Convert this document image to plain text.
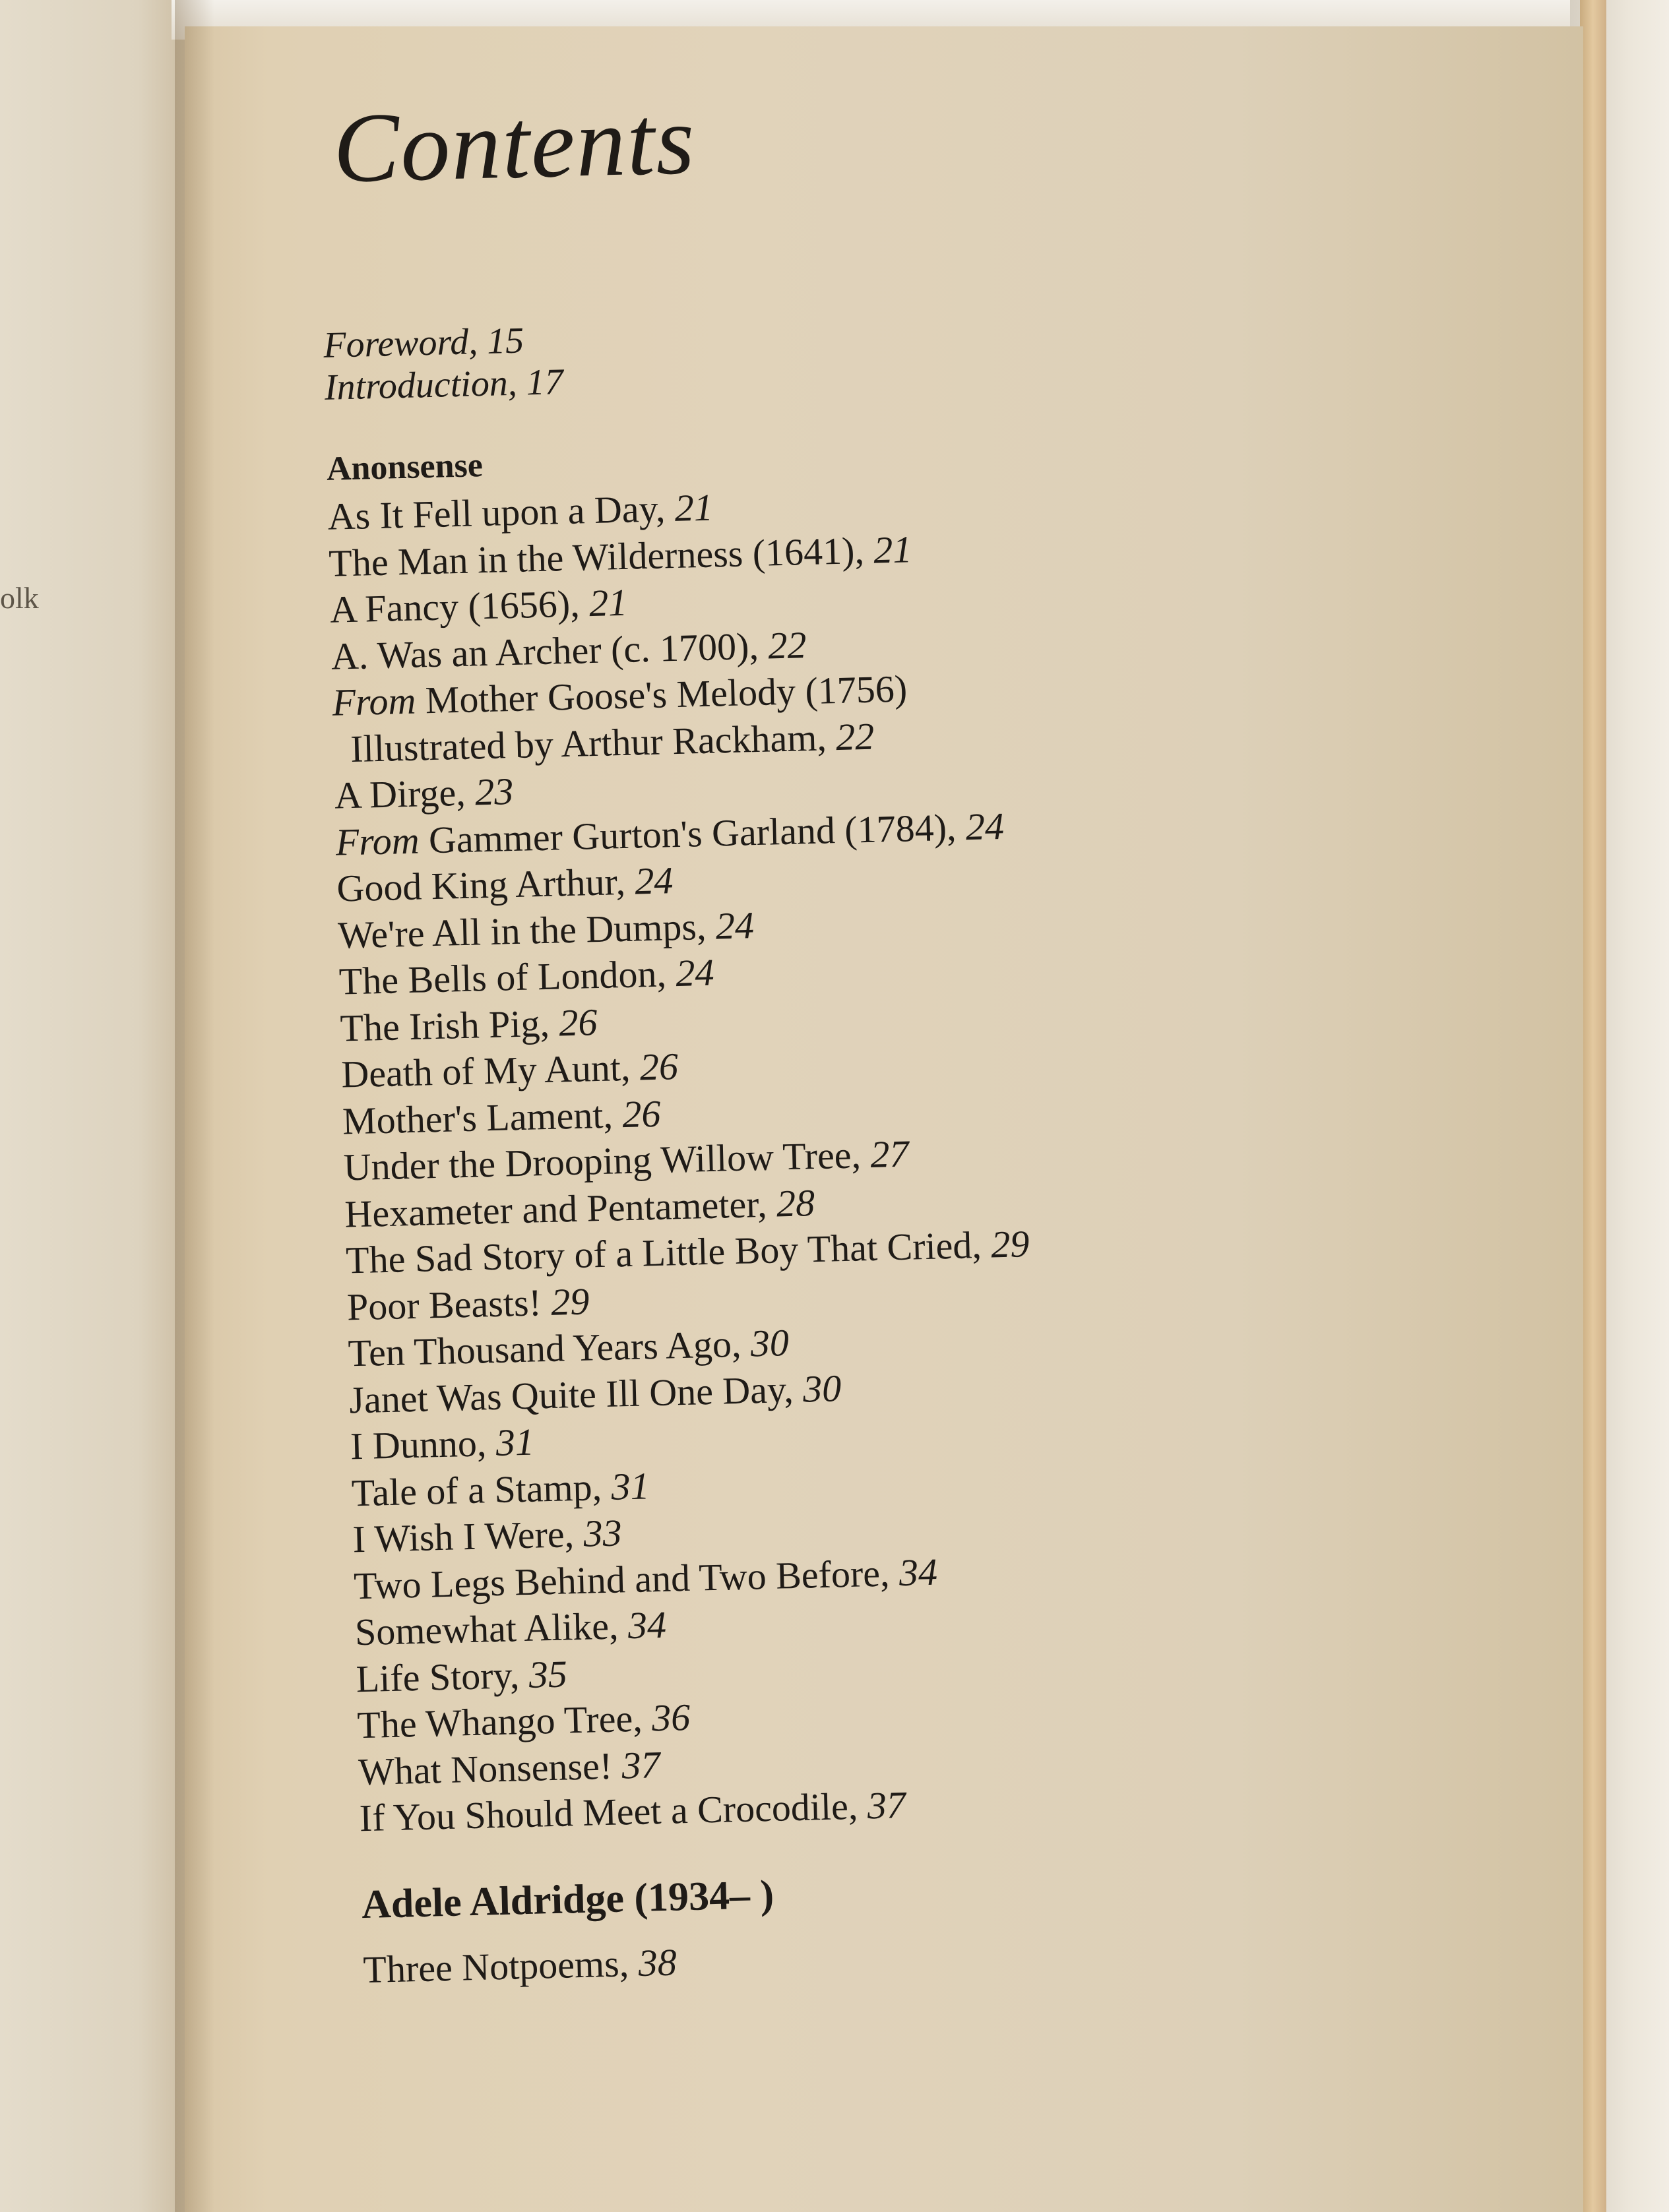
olk
Contents
Foreword, 15
Introduction, 17
Anonsense
As It Fell upon a Day, 21
The Man in the Wilderness (1641), 21
A Fancy (1656), 21
A. Was an Archer (c. 1700), 22
From Mother Goose's Melody (1756)
Illustrated by Arthur Rackham, 22
A Dirge, 23
From Gammer Gurton's Garland (1784), 24
Good King Arthur, 24
We're All in the Dumps, 24
The Bells of London, 24
The Irish Pig, 26
Death of My Aunt, 26
Mother's Lament, 26
Under the Drooping Willow Tree, 27
Hexameter and Pentameter, 28
The Sad Story of a Little Boy That Cried, 29
Poor Beasts! 29
Ten Thousand Years Ago, 30
Janet Was Quite Ill One Day, 30
I Dunno, 31
Tale of a Stamp, 31
I Wish I Were, 33
Two Legs Behind and Two Before, 34
Somewhat Alike, 34
Life Story, 35
The Whango Tree, 36
What Nonsense! 37
If You Should Meet a Crocodile, 37
Adele Aldridge (1934– )
Three Notpoems, 38
